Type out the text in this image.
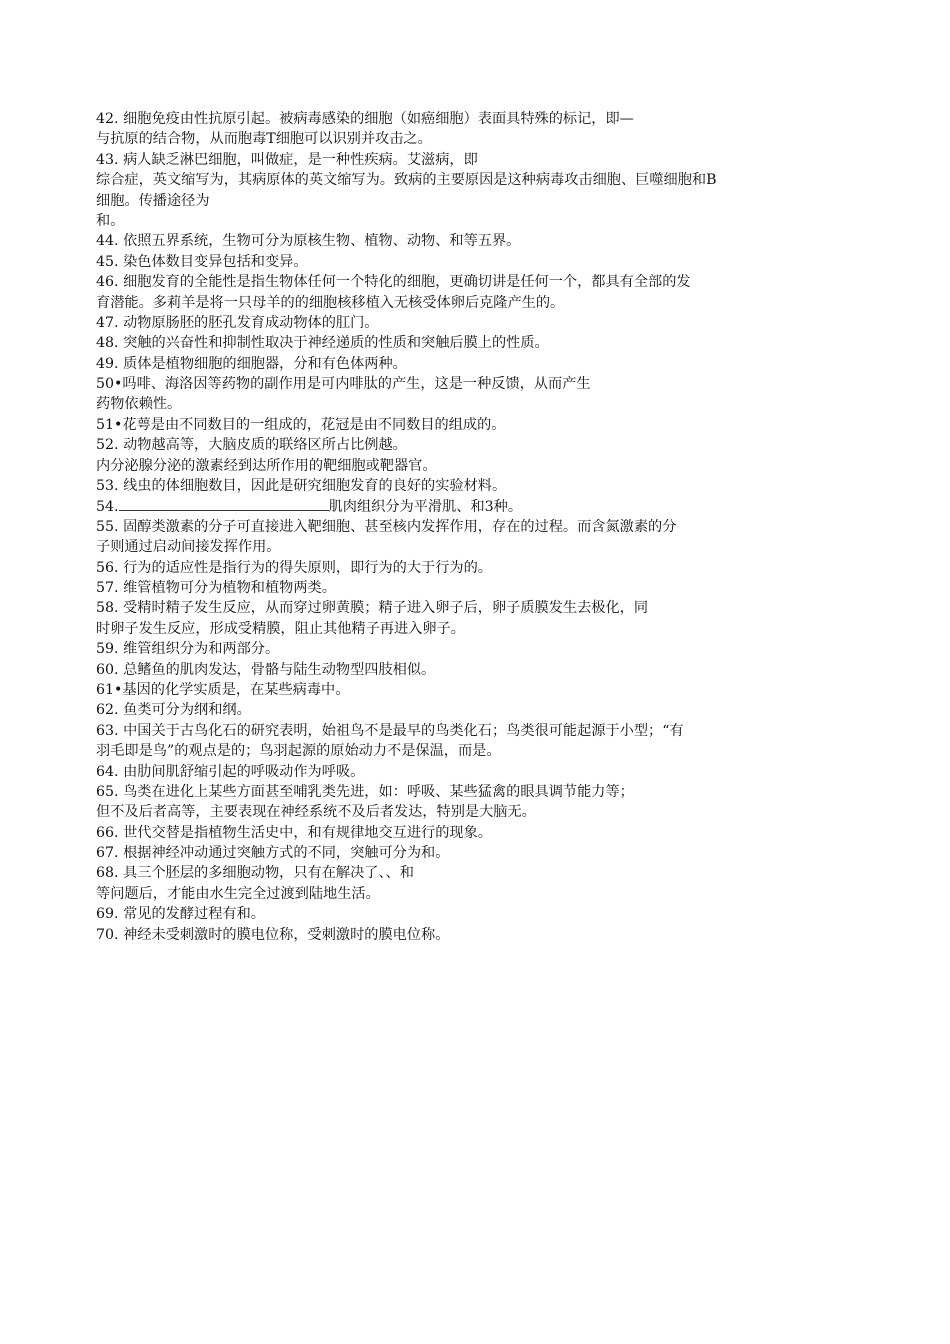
42. 细胞免疫由性抗原引起。被病毒感染的细胞（如癌细胞）表面具特殊的标记，即—
与抗原的结合物，从而胞毒T细胞可以识别并攻击之。
43. 病人缺乏淋巴细胞，叫做症，是一种性疾病。艾滋病，即
综合症，英文缩写为，其病原体的英文缩写为。致病的主要原因是这种病毒攻击细胞、巨噬细胞和B
细胞。传播途径为
和。
44. 依照五界系统，生物可分为原核生物、植物、动物、和等五界。
45. 染色体数目变异包括和变异。
46. 细胞发育的全能性是指生物体任何一个特化的细胞，更确切讲是任何一个，都具有全部的发
育潜能。多莉羊是将一只母羊的的细胞核移植入无核受体卵后克隆产生的。
47. 动物原肠胚的胚孔发育成动物体的肛门。
48. 突触的兴奋性和抑制性取决于神经递质的性质和突触后膜上的性质。
49. 质体是植物细胞的细胞器，分和有色体两种。
50•吗啡、海洛因等药物的副作用是可内啡肽的产生，这是一种反馈，从而产生
药物依赖性。
51•花萼是由不同数目的一组成的，花冠是由不同数目的组成的。
52. 动物越高等，大脑皮质的联络区所占比例越。
内分泌腺分泌的激素经到达所作用的靶细胞或靶器官。
53. 线虫的体细胞数目，因此是研究细胞发育的良好的实验材料。
54.	肌肉组织分为平滑肌、和3种。
55. 固醇类激素的分子可直接进入靶细胞、甚至核内发挥作用，存在的过程。而含氮激素的分
子则通过启动间接发挥作用。
56. 行为的适应性是指行为的得失原则，即行为的大于行为的。
57. 维管植物可分为植物和植物两类。
58. 受精时精子发生反应，从而穿过卵黄膜；精子进入卵子后，卵子质膜发生去极化，同
时卵子发生反应，形成受精膜，阻止其他精子再进入卵子。
59. 维管组织分为和两部分。
60. 总鳍鱼的肌肉发达，骨骼与陆生动物型四肢相似。
61•基因的化学实质是，在某些病毒中。
62. 鱼类可分为纲和纲。
63. 中国关于古鸟化石的研究表明，始祖鸟不是最早的鸟类化石；鸟类很可能起源于小型；“有
羽毛即是鸟”的观点是的；鸟羽起源的原始动力不是保温，而是。
64. 由肋间肌舒缩引起的呼吸动作为呼吸。
65. 鸟类在进化上某些方面甚至哺乳类先进，如：呼吸、某些猛禽的眼具调节能力等；
但不及后者高等，主要表现在神经系统不及后者发达，特别是大脑无。
66. 世代交替是指植物生活史中，和有规律地交互进行的现象。
67. 根据神经冲动通过突触方式的不同，突触可分为和。
68. 具三个胚层的多细胞动物，只有在解决了、、和
等问题后，才能由水生完全过渡到陆地生活。
69. 常见的发酵过程有和。
70. 神经未受刺激时的膜电位称，受刺激时的膜电位称。
